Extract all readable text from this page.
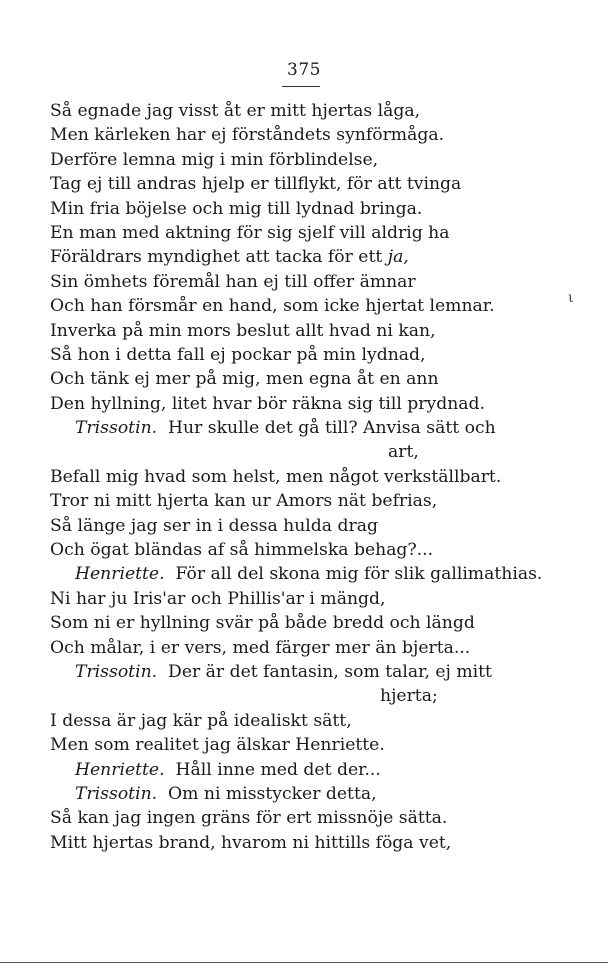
375
ι
Så egnade jag visst åt er mitt hjertas låga,
Men kärleken har ej förståndets synförmåga.
Derföre lemna mig i min förblindelse,
Tag ej till andras hjelp er tillflykt, för att tvinga
Min fria böjelse och mig till lydnad bringa.
En man med aktning för sig sjelf vill aldrig ha
Föräldrars myndighet att tacka för ett ja,
Sin ömhets föremål han ej till offer ämnar
Och han försmår en hand, som icke hjertat lemnar.
Inverka på min mors beslut allt hvad ni kan,
Så hon i detta fall ej pockar på min lydnad,
Och tänk ej mer på mig, men egna åt en ann
Den hyllning, litet hvar bör räkna sig till prydnad.
Trissotin. Hur skulle det gå till? Anvisa sätt och
art,
Befall mig hvad som helst, men något verkställbart.
Tror ni mitt hjerta kan ur Amors nät befrias,
Så länge jag ser in i dessa hulda drag
Och ögat bländas af så himmelska behag?...
Henriette. För all del skona mig för slik gallimathias.
Ni har ju Iris'ar och Phillis'ar i mängd,
Som ni er hyllning svär på både bredd och längd
Och målar, i er vers, med färger mer än bjerta...
Trissotin. Der är det fantasin, som talar, ej mitt
hjerta;
I dessa är jag kär på idealiskt sätt,
Men som realitet jag älskar Henriette.
Henriette. Håll inne med det der...
Trissotin. Om ni misstycker detta,
Så kan jag ingen gräns för ert missnöje sätta.
Mitt hjertas brand, hvarom ni hittills föga vet,
